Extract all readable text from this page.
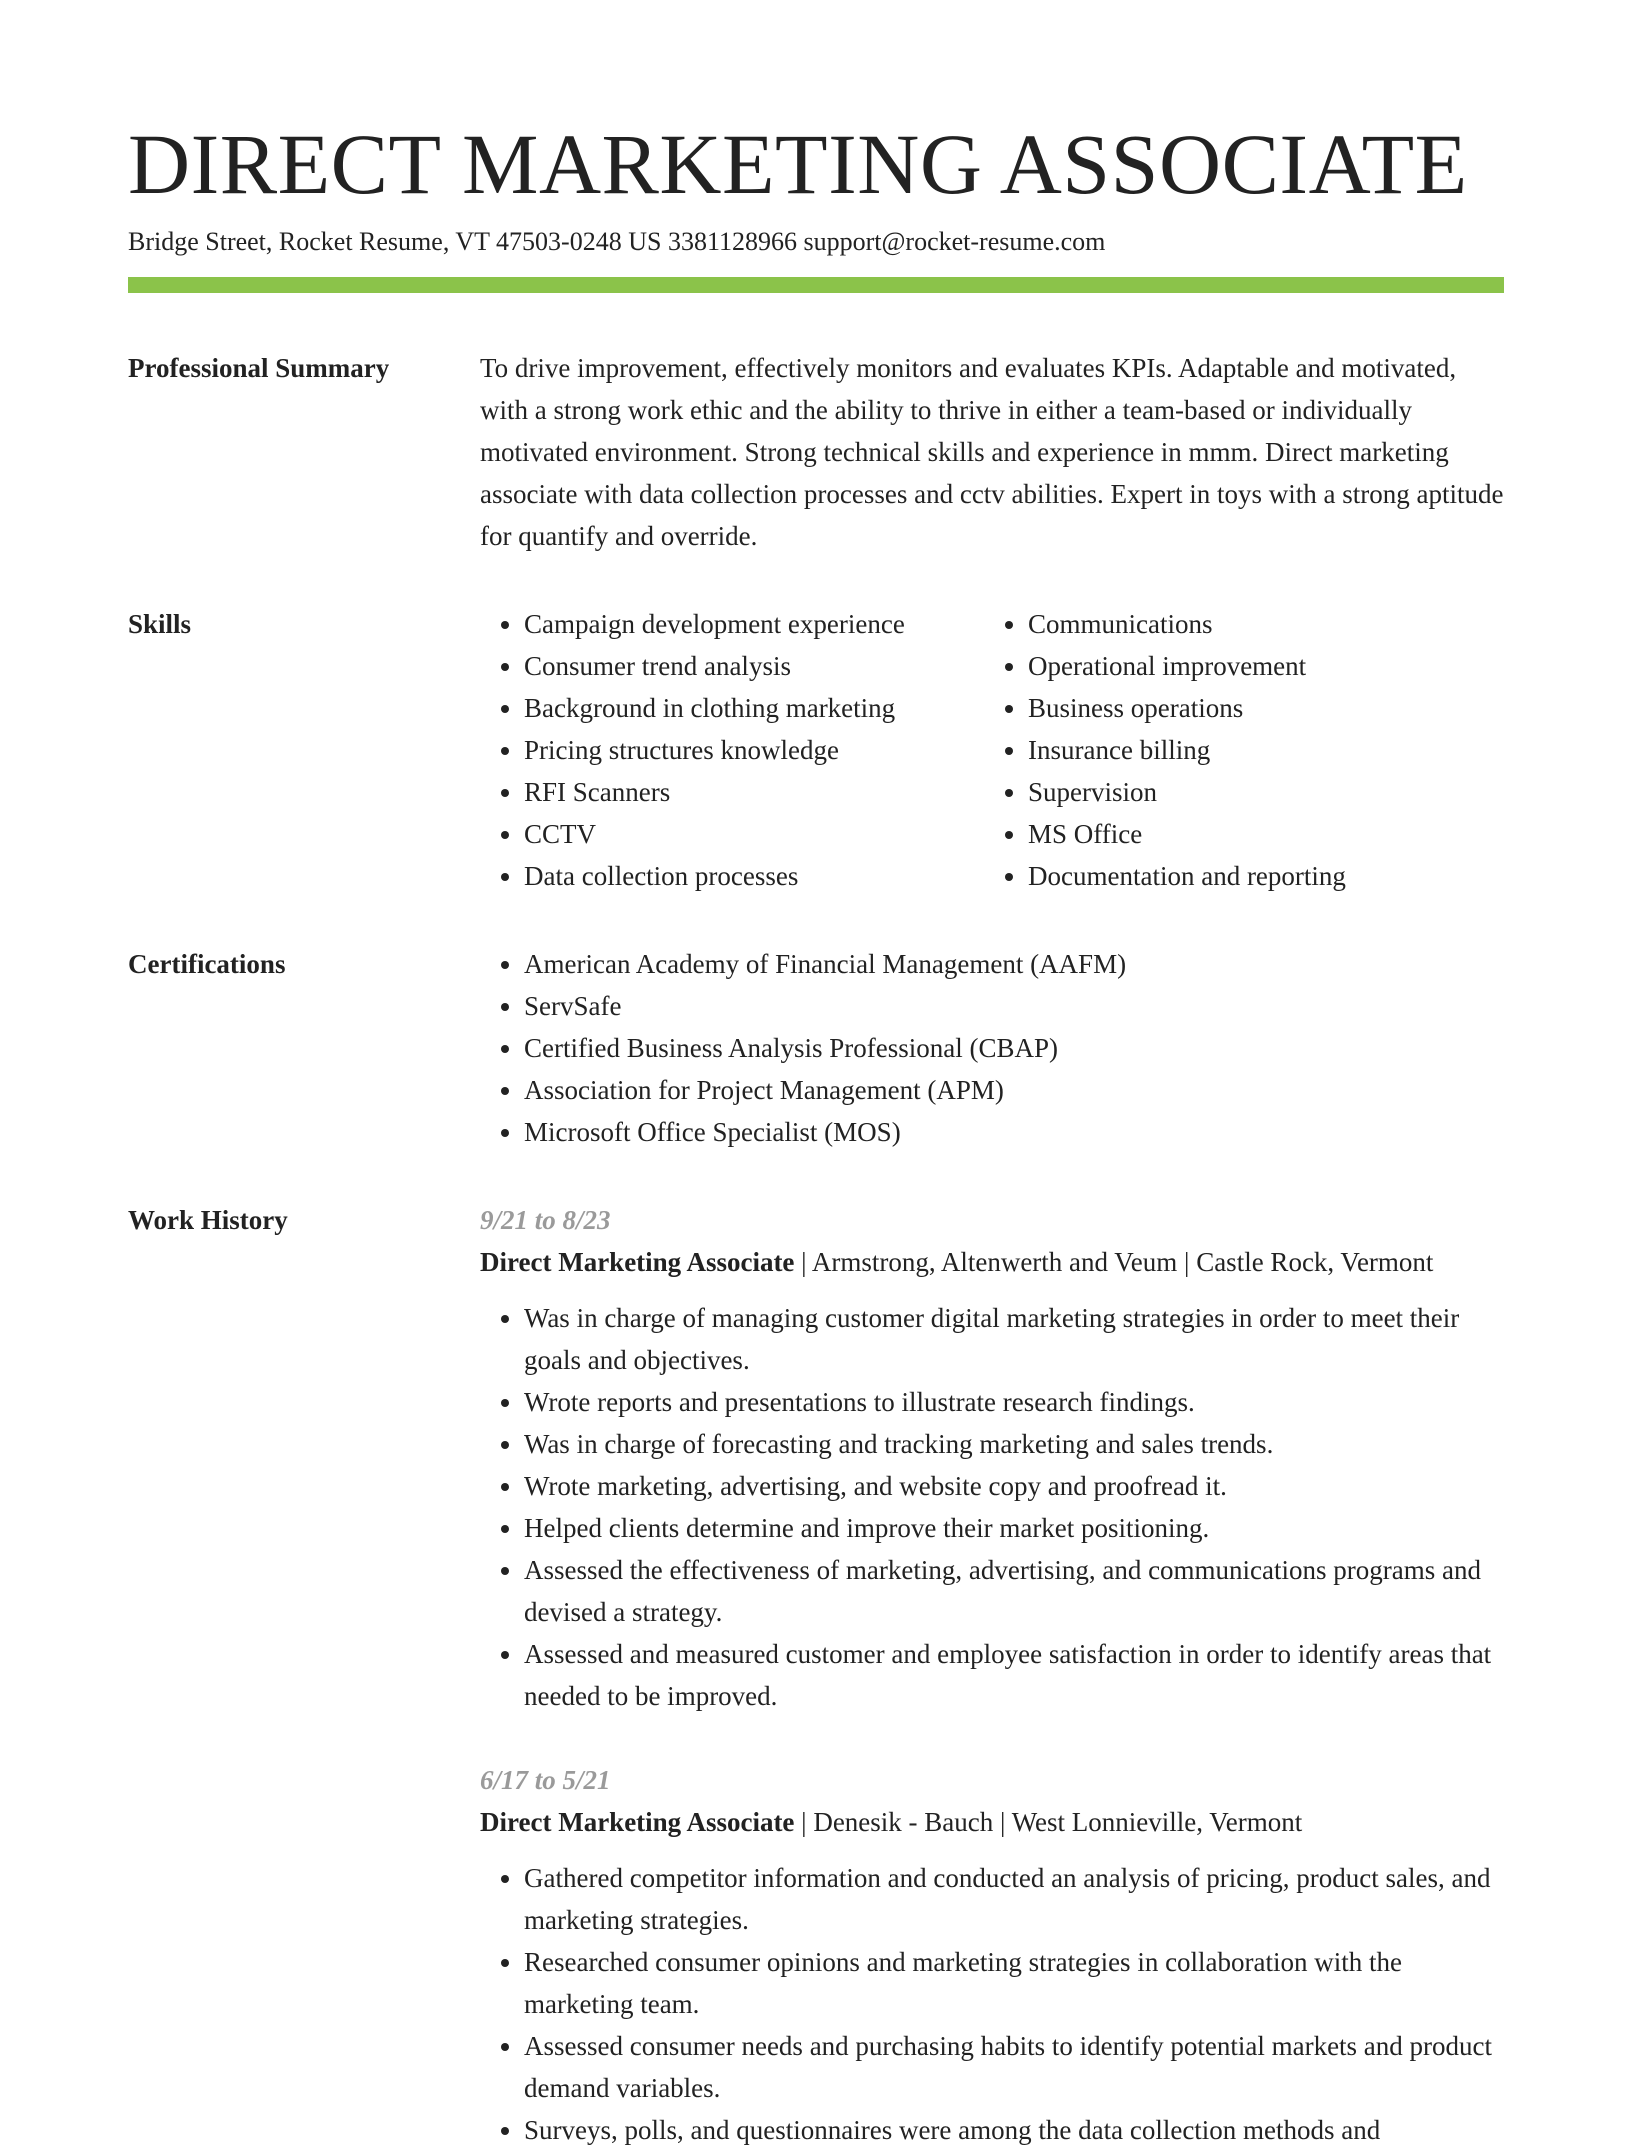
DIRECT MARKETING ASSOCIATE
Bridge Street, Rocket Resume, VT 47503-0248 US 3381128966 support@rocket-resume.com
Professional Summary	To drive improvement, effectively monitors and evaluates KPIs. Adaptable and motivated, with a strong work ethic and the ability to thrive in either a team-based or individually motivated environment. Strong technical skills and experience in mmm. Direct marketing associate with data collection processes and cctv abilities. Expert in toys with a strong aptitude for quantify and override.

Skills	• Campaign development experience
• Consumer trend analysis
• Background in clothing marketing
• Pricing structures knowledge
• RFI Scanners
• CCTV
• Data collection processes
• Communications
• Operational improvement
• Business operations
• Insurance billing
• Supervision
• MS Office
• Documentation and reporting
Certifications	• American Academy of Financial Management (AAFM)
• ServSafe
• Certified Business Analysis Professional (CBAP)
• Association for Project Management (APM)
• Microsoft Office Specialist (MOS)
Work History	9/21 to 8/23
Direct Marketing Associate | Armstrong, Altenwerth and Veum | Castle Rock, Vermont
• Was in charge of managing customer digital marketing strategies in order to meet their goals and objectives.
• Wrote reports and presentations to illustrate research findings.
• Was in charge of forecasting and tracking marketing and sales trends.
• Wrote marketing, advertising, and website copy and proofread it.
• Helped clients determine and improve their market positioning.
• Assessed the effectiveness of marketing, advertising, and communications programs and devised a strategy.
• Assessed and measured customer and employee satisfaction in order to identify areas that needed to be improved.
6/17 to 5/21
Direct Marketing Associate | Denesik - Bauch | West Lonnieville, Vermont
• Gathered competitor information and conducted an analysis of pricing, product sales, and marketing strategies.
• Researched consumer opinions and marketing strategies in collaboration with the marketing team.
• Assessed consumer needs and purchasing habits to identify potential markets and product demand variables.
• Surveys, polls, and questionnaires were among the data collection methods and
